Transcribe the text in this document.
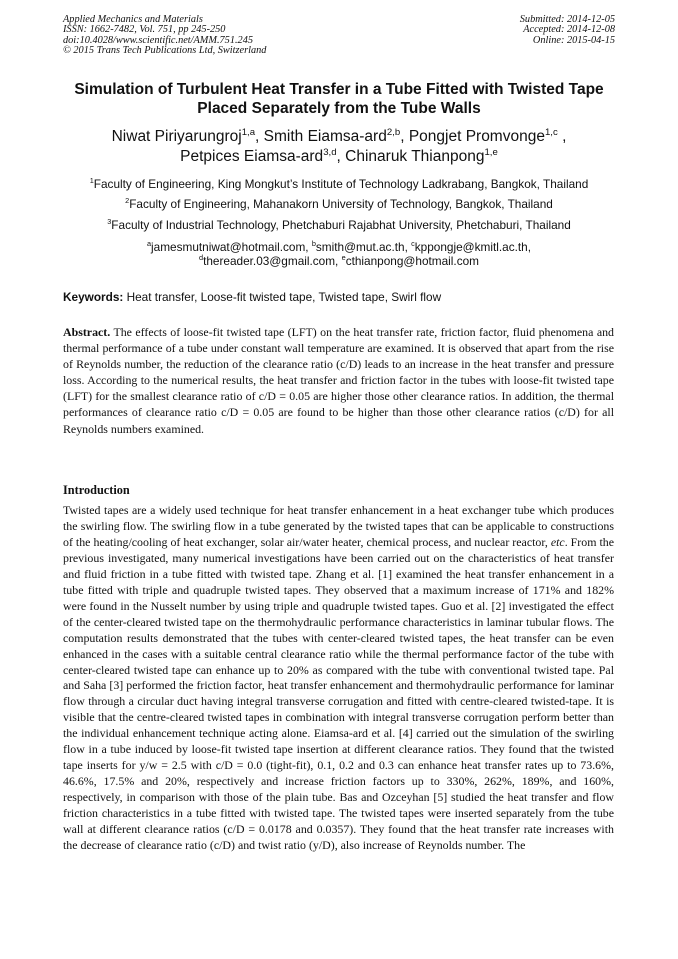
Applied Mechanics and Materials
ISSN: 1662-7482, Vol. 751, pp 245-250
doi:10.4028/www.scientific.net/AMM.751.245
© 2015 Trans Tech Publications Ltd, Switzerland
Submitted: 2014-12-05
Accepted: 2014-12-08
Online: 2015-04-15
Simulation of Turbulent Heat Transfer in a Tube Fitted with Twisted Tape
Placed Separately from the Tube Walls
Niwat Piriyarungroj$^{1,a}$, Smith Eiamsa-ard$^{2,b}$, Pongjet Promvonge$^{1,c}$ ,
Petpices Eiamsa-ard$^{3,d}$, Chinaruk Thianpong$^{1,e}$
$^1$Faculty of Engineering, King Mongkut’s Institute of Technology Ladkrabang, Bangkok, Thailand
$^2$Faculty of Engineering, Mahanakorn University of Technology, Bangkok, Thailand
$^3$Faculty of Industrial Technology, Phetchaburi Rajabhat University, Phetchaburi, Thailand
$^a$jamesmutniwat@hotmail.com, $^b$smith@mut.ac.th, $^c$kppongje@kmitl.ac.th,
$^d$thereader.03@gmail.com, $^e$cthianpong@hotmail.com
Keywords: Heat transfer, Loose-fit twisted tape, Twisted tape, Swirl flow

Abstract. The effects of loose-fit twisted tape (LFT) on the heat transfer rate, friction factor, fluid phenomena and thermal performance of a tube under constant wall temperature are examined. It is observed that apart from the rise of Reynolds number, the reduction of the clearance ratio (c/D) leads to an increase in the heat transfer and pressure loss. According to the numerical results, the heat transfer and friction factor in the tubes with loose-fit twisted tape (LFT) for the smallest clearance ratio of c/D = 0.05 are higher those other clearance ratios. In addition, the thermal performances of clearance ratio c/D = 0.05 are found to be higher than those other clearance ratios (c/D) for all Reynolds numbers examined.

Introduction

Twisted tapes are a widely used technique for heat transfer enhancement in a heat exchanger tube which produces the swirling flow. The swirling flow in a tube generated by the twisted tapes that can be applicable to constructions of the heating/cooling of heat exchanger, solar air/water heater, chemical process, and nuclear reactor, etc. From the previous investigated, many numerical investigations have been carried out on the characteristics of heat transfer and fluid friction in a tube fitted with twisted tape. Zhang et al. [1] examined the heat transfer enhancement in a tube fitted with triple and quadruple twisted tapes. They observed that a maximum increase of 171% and 182% were found in the Nusselt number by using triple and quadruple twisted tapes. Guo et al. [2] investigated the effect of the center-cleared twisted tape on the thermohydraulic performance characteristics in laminar tubular flows. The computation results demonstrated that the tubes with center-cleared twisted tapes, the heat transfer can be even enhanced in the cases with a suitable central clearance ratio while the thermal performance factor of the tube with center-cleared twisted tape can enhance up to 20% as compared with the tube with conventional twisted tape. Pal and Saha [3] performed the friction factor, heat transfer enhancement and thermohydraulic performance for laminar flow through a circular duct having integral transverse corrugation and fitted with centre-cleared twisted-tape. It is visible that the centre-cleared twisted tapes in combination with integral transverse corrugation perform better than the individual enhancement technique acting alone. Eiamsa-ard et al. [4] carried out the simulation of the swirling flow in a tube induced by loose-fit twisted tape insertion at different clearance ratios. They found that the twisted tape inserts for y/w = 2.5 with c/D = 0.0 (tight-fit), 0.1, 0.2 and 0.3 can enhance heat transfer rates up to 73.6%, 46.6%, 17.5% and 20%, respectively and increase friction factors up to 330%, 262%, 189%, and 160%, respectively, in comparison with those of the plain tube. Bas and Ozceyhan [5] studied the heat transfer and flow friction characteristics in a tube fitted with twisted tape. The twisted tapes were inserted separately from the tube wall at different clearance ratios (c/D = 0.0178 and 0.0357). They found that the heat transfer rate increases with the decrease of clearance ratio (c/D) and twist ratio (y/D), also increase of Reynolds number. The
